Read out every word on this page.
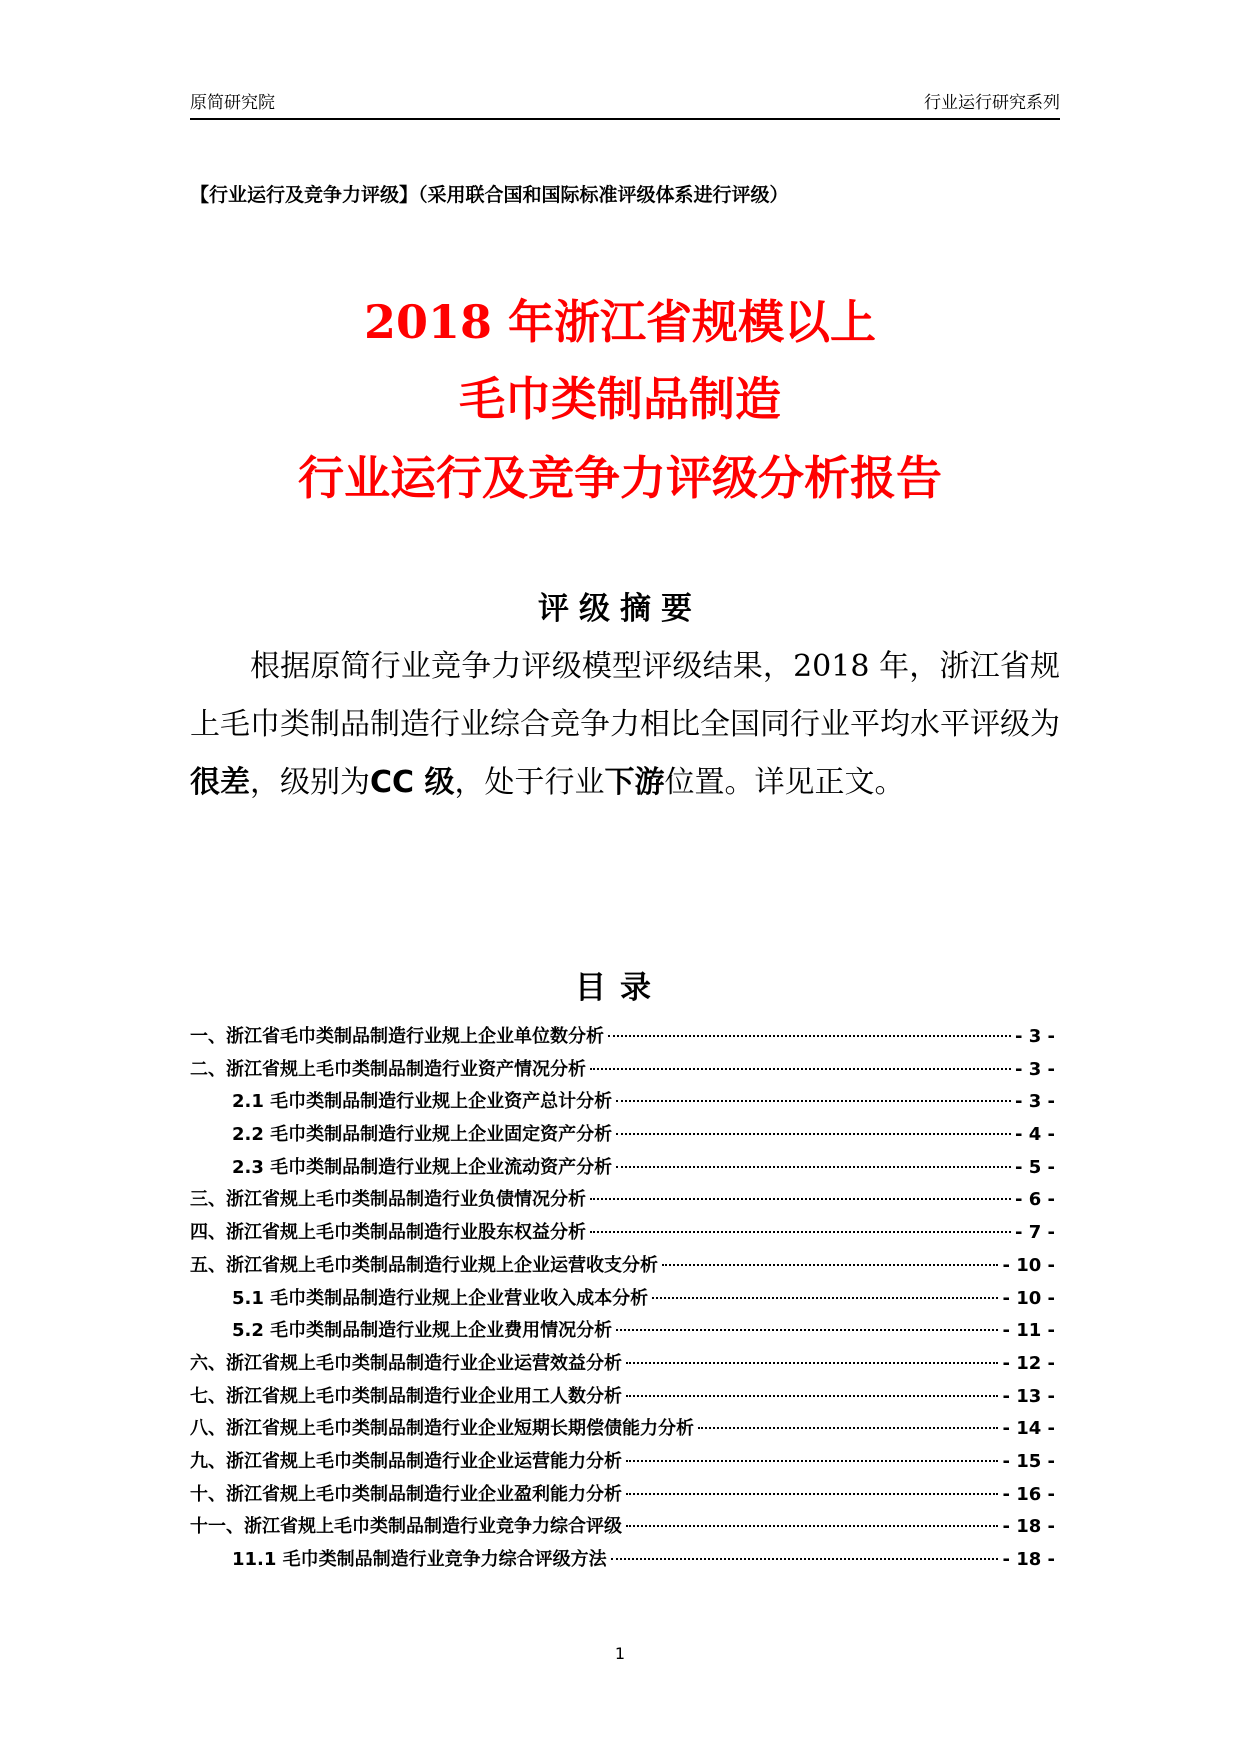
原简研究院	行业运行研究系列
【行业运行及竞争力评级】（采用联合国和国际标准评级体系进行评级）
2018 年浙江省规模以上
毛巾类制品制造
行业运行及竞争力评级分析报告
评级摘要
根据原简行业竞争力评级模型评级结果，2018 年，浙江省规上毛巾类制品制造行业综合竞争力相比全国同行业平均水平评级为很差，级别为CC 级，处于行业下游位置。详见正文。
目录
一、浙江省毛巾类制品制造行业规上企业单位数分析	- 3 -
二、浙江省规上毛巾类制品制造行业资产情况分析	- 3 -
2.1 毛巾类制品制造行业规上企业资产总计分析	- 3 -
2.2 毛巾类制品制造行业规上企业固定资产分析	- 4 -
2.3 毛巾类制品制造行业规上企业流动资产分析	- 5 -
三、浙江省规上毛巾类制品制造行业负债情况分析	- 6 -
四、浙江省规上毛巾类制品制造行业股东权益分析	- 7 -
五、浙江省规上毛巾类制品制造行业规上企业运营收支分析	- 10 -
5.1 毛巾类制品制造行业规上企业营业收入成本分析	- 10 -
5.2 毛巾类制品制造行业规上企业费用情况分析	- 11 -
六、浙江省规上毛巾类制品制造行业企业运营效益分析	- 12 -
七、浙江省规上毛巾类制品制造行业企业用工人数分析	- 13 -
八、浙江省规上毛巾类制品制造行业企业短期长期偿债能力分析	- 14 -
九、浙江省规上毛巾类制品制造行业企业运营能力分析	- 15 -
十、浙江省规上毛巾类制品制造行业企业盈利能力分析	- 16 -
十一、浙江省规上毛巾类制品制造行业竞争力综合评级	- 18 -
11.1 毛巾类制品制造行业竞争力综合评级方法	- 18 -
1
